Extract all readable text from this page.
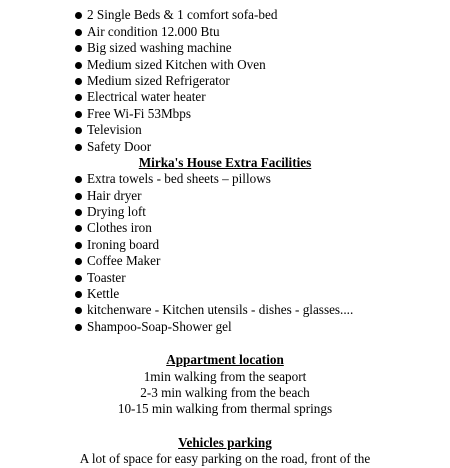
2 Single Beds & 1 comfort sofa-bed
Air condition 12.000 Btu
Big sized washing machine
Medium sized Kitchen with Oven
Medium sized Refrigerator
Electrical water heater
Free Wi-Fi 53Mbps
Television
Safety Door
Mirka's House Extra Facilities
Extra towels - bed sheets – pillows
Hair dryer
Drying loft
Clothes iron
Ironing board
Coffee Maker
Toaster
Kettle
kitchenware - Kitchen utensils - dishes - glasses....
Shampoo-Soap-Shower gel
Appartment location
1min walking from the seaport
2-3 min walking from the beach
10-15 min walking from thermal springs
Vehicles parking
A lot of space for easy parking on the road, front of the
